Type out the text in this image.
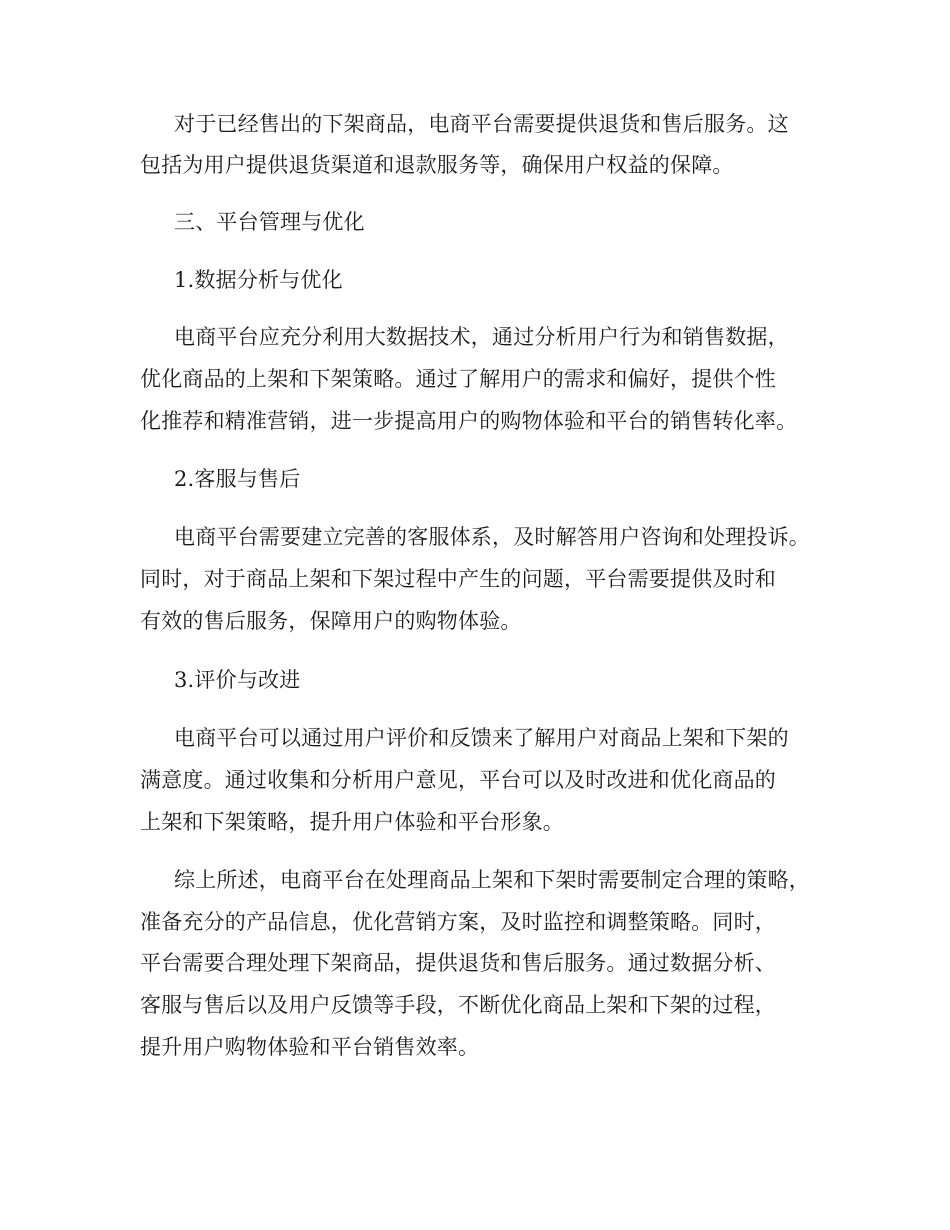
对于已经售出的下架商品，电商平台需要提供退货和售后服务。这
包括为用户提供退货渠道和退款服务等，确保用户权益的保障。
三、平台管理与优化
1.数据分析与优化
电商平台应充分利用大数据技术，通过分析用户行为和销售数据，
优化商品的上架和下架策略。通过了解用户的需求和偏好，提供个性
化推荐和精准营销，进一步提高用户的购物体验和平台的销售转化率。
2.客服与售后
电商平台需要建立完善的客服体系，及时解答用户咨询和处理投诉。
同时，对于商品上架和下架过程中产生的问题，平台需要提供及时和
有效的售后服务，保障用户的购物体验。
3.评价与改进
电商平台可以通过用户评价和反馈来了解用户对商品上架和下架的
满意度。通过收集和分析用户意见，平台可以及时改进和优化商品的
上架和下架策略，提升用户体验和平台形象。
综上所述，电商平台在处理商品上架和下架时需要制定合理的策略，
准备充分的产品信息，优化营销方案，及时监控和调整策略。同时，
平台需要合理处理下架商品，提供退货和售后服务。通过数据分析、
客服与售后以及用户反馈等手段，不断优化商品上架和下架的过程，
提升用户购物体验和平台销售效率。
